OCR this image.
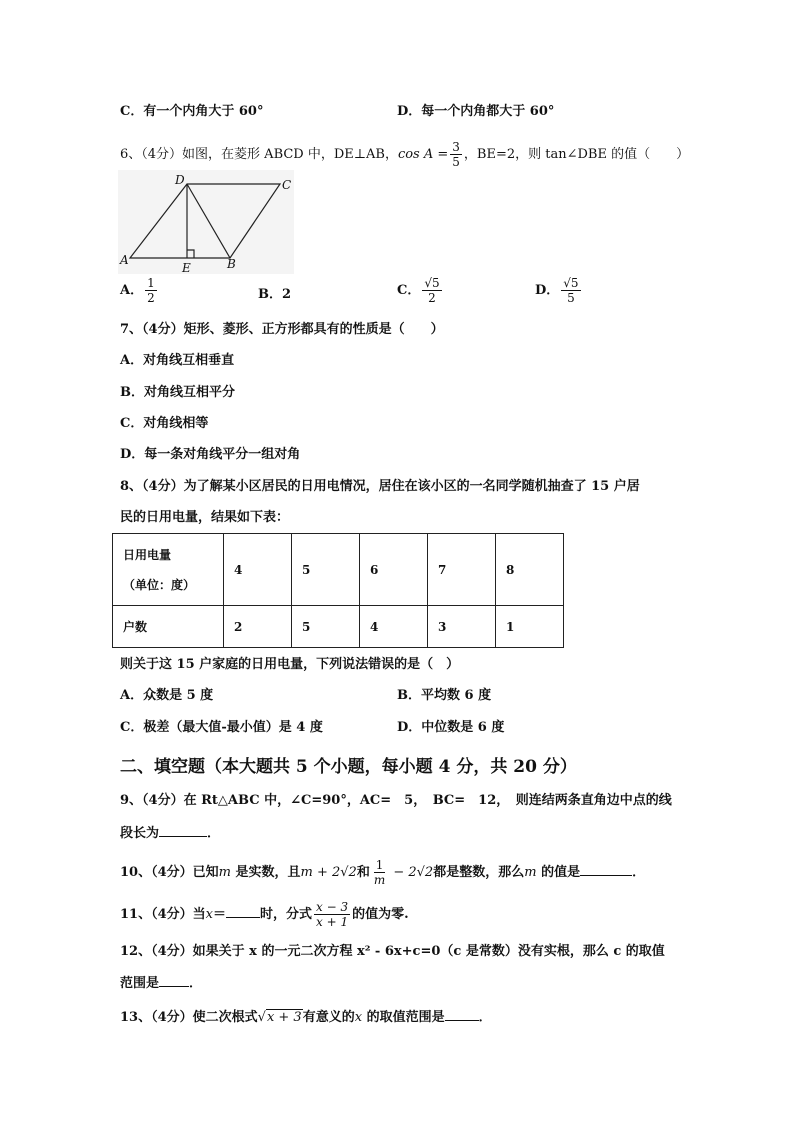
C．有一个内角大于 60°	D．每一个内角都大于 60°
6、（4分）如图，在菱形 ABCD 中，DE⊥AB，$\cos A = \frac{3}{5}$ ，BE=2，则 tan∠DBE 的值（　　）
D	C
A
E	B
A． $\frac{1}{2}$	B．2	C． $\frac{√5}{2}$	D． $\frac{√5}{5}$
7、（4分）矩形、菱形、正方形都具有的性质是（　　）
A．对角线互相垂直
B．对角线互相平分
C．对角线相等
D．每一条对角线平分一组对角
8、（4分）为了解某小区居民的日用电情况，居住在该小区的一名同学随机抽查了 15 户居
民的日用电量，结果如下表：
日用电量
（单位：度）	4	5	6	7	8
户数	2	5	4	3	1
则关于这 15 户家庭的日用电量，下列说法错误的是（　）
A．众数是 5 度	B．平均数 6 度
C．极差（最大值-最小值）是 4 度	D．中位数是 6 度
二、填空题（本大题共 5 个小题，每小题 4 分，共 20 分）
9、（4分）在 Rt△ABC 中，∠C=90°，AC=　5，　BC=　12，　则连结两条直角边中点的线
段长为	．
10、（4分）已知m 是实数，且m + 2√2和 $\frac{1}{m} - 2√2$都是整数，那么m 的值是	．
11、（4分）当x＝	时，分式 $\frac{x - 3}{x + 1}$ 的值为零.
12、（4分）如果关于 x 的一元二次方程 x² - 6x+c=0（c 是常数）没有实根，那么 c 的取值
范围是 ．
13、（4分）使二次根式√x + 3有意义的x 的取值范围是	．
